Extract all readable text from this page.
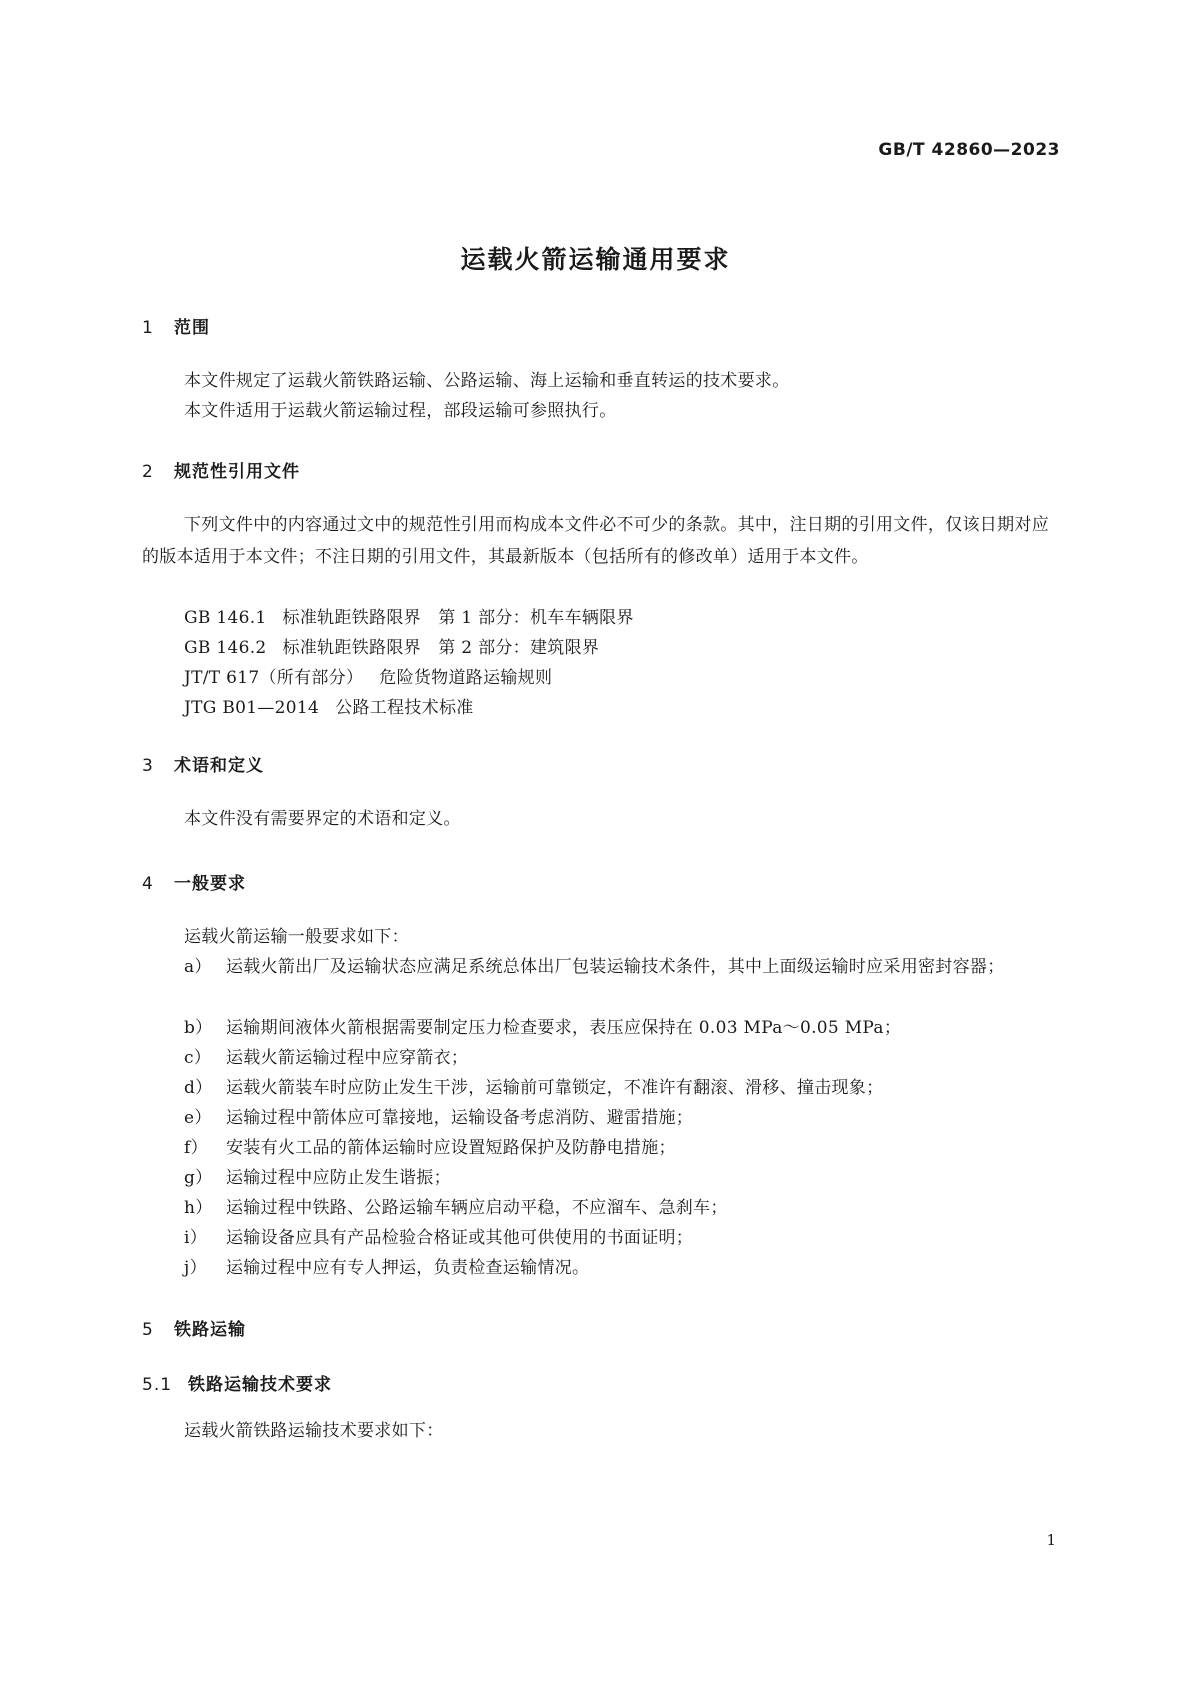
GB/T 42860—2023
运载火箭运输通用要求
1 范围
本文件规定了运载火箭铁路运输、公路运输、海上运输和垂直转运的技术要求。
本文件适用于运载火箭运输过程，部段运输可参照执行。
2 规范性引用文件
下列文件中的内容通过文中的规范性引用而构成本文件必不可少的条款。其中，注日期的引用文件，仅该日期对应的版本适用于本文件；不注日期的引用文件，其最新版本（包括所有的修改单）适用于本文件。
GB 146.1 标准轨距铁路限界　第 1 部分：机车车辆限界
GB 146.2 标准轨距铁路限界　第 2 部分：建筑限界
JT/T 617（所有部分） 危险货物道路运输规则
JTG B01—2014 公路工程技术标准
3 术语和定义
本文件没有需要界定的术语和定义。
4 一般要求
运载火箭运输一般要求如下：
a） 运载火箭出厂及运输状态应满足系统总体出厂包装运输技术条件，其中上面级运输时应采用密封容器；
b） 运输期间液体火箭根据需要制定压力检查要求，表压应保持在 0.03 MPa～0.05 MPa；
c） 运载火箭运输过程中应穿箭衣；
d） 运载火箭装车时应防止发生干涉，运输前可靠锁定，不准许有翻滚、滑移、撞击现象；
e） 运输过程中箭体应可靠接地，运输设备考虑消防、避雷措施；
f）	安装有火工品的箭体运输时应设置短路保护及防静电措施；
g） 运输过程中应防止发生谐振；
h） 运输过程中铁路、公路运输车辆应启动平稳，不应溜车、急刹车；
i）	运输设备应具有产品检验合格证或其他可供使用的书面证明；
j）	运输过程中应有专人押运，负责检查运输情况。
5 铁路运输
5.1 铁路运输技术要求
运载火箭铁路运输技术要求如下：
1
